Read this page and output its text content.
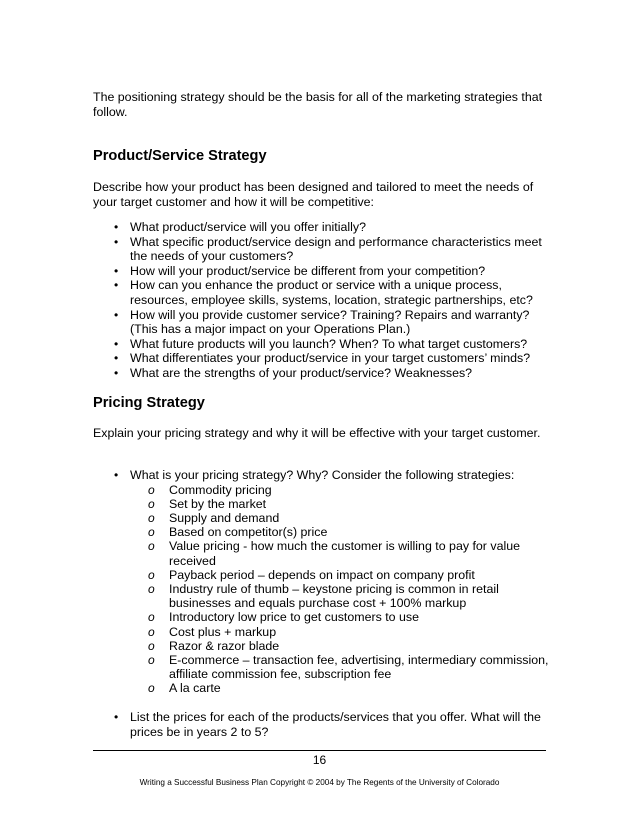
The positioning strategy should be the basis for all of the marketing strategies that follow.

Product/Service Strategy

Describe how your product has been designed and tailored to meet the needs of your target customer and how it will be competitive:

• What product/service will you offer initially?
• What specific product/service design and performance characteristics meet the needs of your customers?
• How will your product/service be different from your competition?
• How can you enhance the product or service with a unique process, resources, employee skills, systems, location, strategic partnerships, etc?
• How will you provide customer service? Training? Repairs and warranty? (This has a major impact on your Operations Plan.)
• What future products will you launch? When? To what target customers?
• What differentiates your product/service in your target customers’ minds?
• What are the strengths of your product/service? Weaknesses?
Pricing Strategy

Explain your pricing strategy and why it will be effective with your target customer.

• What is your pricing strategy? Why? Consider the following strategies:
o Commodity pricing
o Set by the market
o Supply and demand
o Based on competitor(s) price
o Value pricing - how much the customer is willing to pay for value received
o Payback period – depends on impact on company profit
o Industry rule of thumb – keystone pricing is common in retail businesses and equals purchase cost + 100% markup
o Introductory low price to get customers to use
o Cost plus + markup
o Razor & razor blade
o E-commerce – transaction fee, advertising, intermediary commission, affiliate commission fee, subscription fee
o A la carte
• List the prices for each of the products/services that you offer. What will the prices be in years 2 to 5?
16
Writing a Successful Business Plan Copyright © 2004 by The Regents of the University of Colorado
